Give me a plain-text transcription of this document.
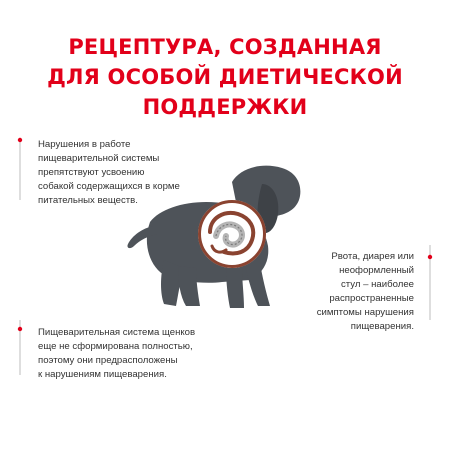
РЕЦЕПТУРА, СОЗДАННАЯ
ДЛЯ ОСОБОЙ ДИЕТИЧЕСКОЙ
ПОДДЕРЖКИ
Нарушения в работе
пищеварительной системы
препятствуют усвоению
собакой содержащихся в корме
питательных веществ.
Рвота, диарея или
неоформленный
стул – наиболее
распространенные
симптомы нарушения
пищеварения.
Пищеварительная система щенков
еще не сформирована полностью,
поэтому они предрасположены
к нарушениям пищеварения.
